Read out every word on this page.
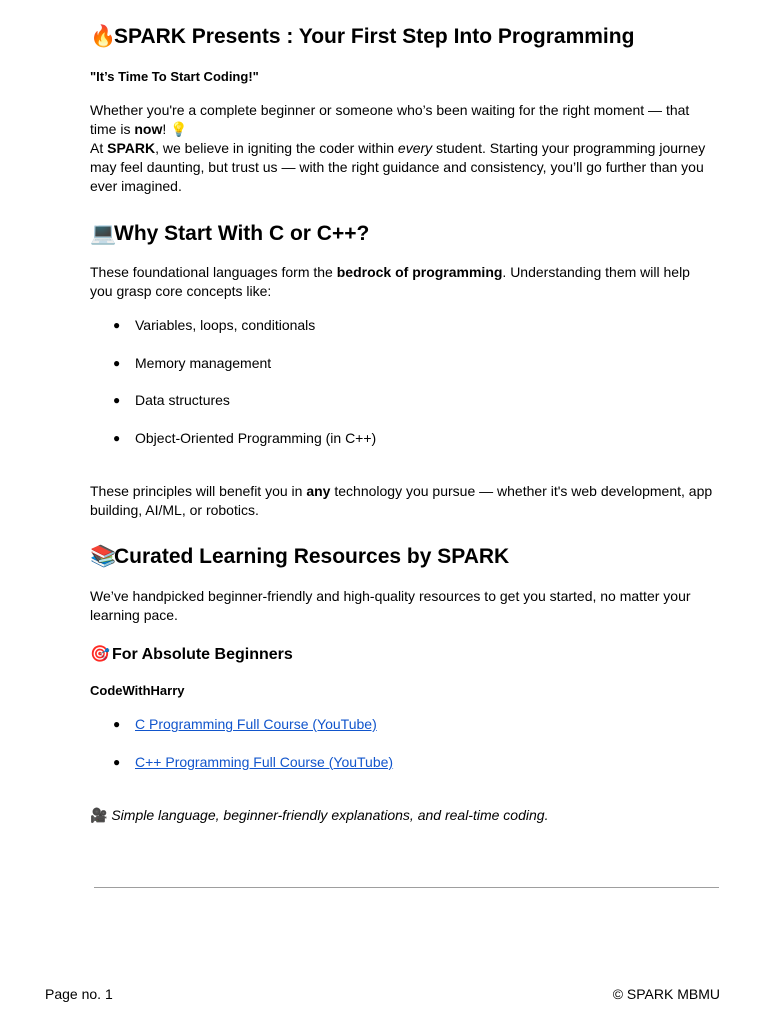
🔥SPARK Presents : Your First Step Into Programming

"It’s Time To Start Coding!"

Whether you're a complete beginner or someone who’s been waiting for the right moment — that time is now! 💡
At SPARK, we believe in igniting the coder within every student. Starting your programming journey may feel daunting, but trust us — with the right guidance and consistency, you’ll go further than you ever imagined.

💻Why Start With C or C++?

These foundational languages form the bedrock of programming. Understanding them will help you grasp core concepts like:

● Variables, loops, conditionals
● Memory management
● Data structures
● Object-Oriented Programming (in C++)

These principles will benefit you in any technology you pursue — whether it's web development, app building, AI/ML, or robotics.

📚Curated Learning Resources by SPARK

We’ve handpicked beginner-friendly and high-quality resources to get you started, no matter your learning pace.

🎯 For Absolute Beginners

CodeWithHarry

● C Programming Full Course (YouTube)
● C++ Programming Full Course (YouTube)

🎥 Simple language, beginner-friendly explanations, and real-time coding.

Page no. 1	© SPARK MBMU
